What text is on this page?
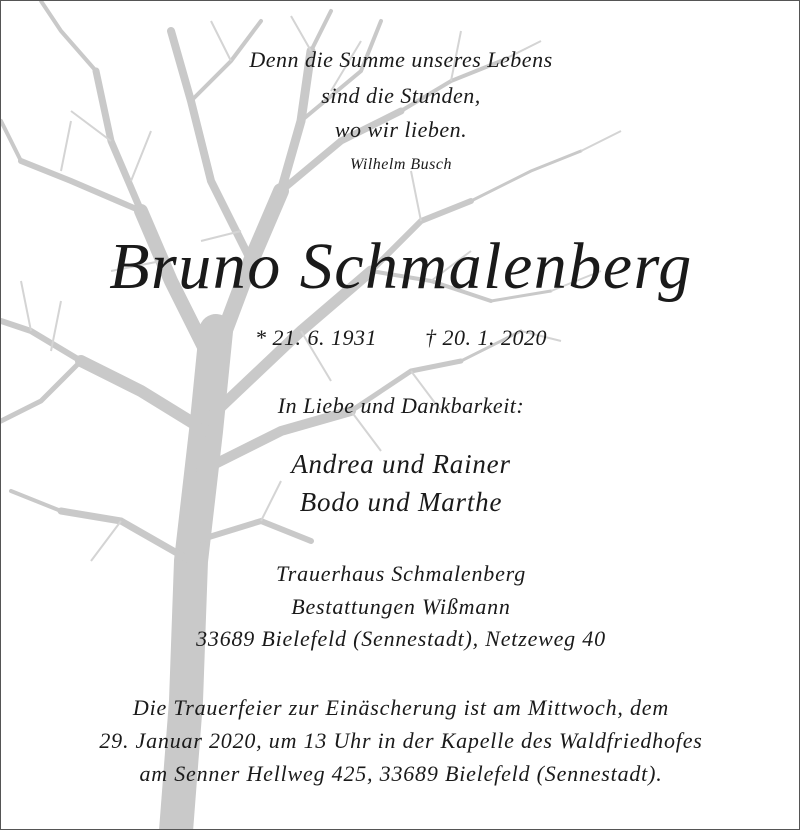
Denn die Summe unseres Lebens
sind die Stunden,
wo wir lieben.
Wilhelm Busch
Bruno Schmalenberg
* 21. 6. 1931 † 20. 1. 2020
In Liebe und Dankbarkeit:
Andrea und Rainer
Bodo und Marthe
Trauerhaus Schmalenberg
Bestattungen Wißmann
33689 Bielefeld (Sennestadt), Netzeweg 40
Die Trauerfeier zur Einäscherung ist am Mittwoch, dem
29. Januar 2020, um 13 Uhr in der Kapelle des Waldfriedhofes
am Senner Hellweg 425, 33689 Bielefeld (Sennestadt).
